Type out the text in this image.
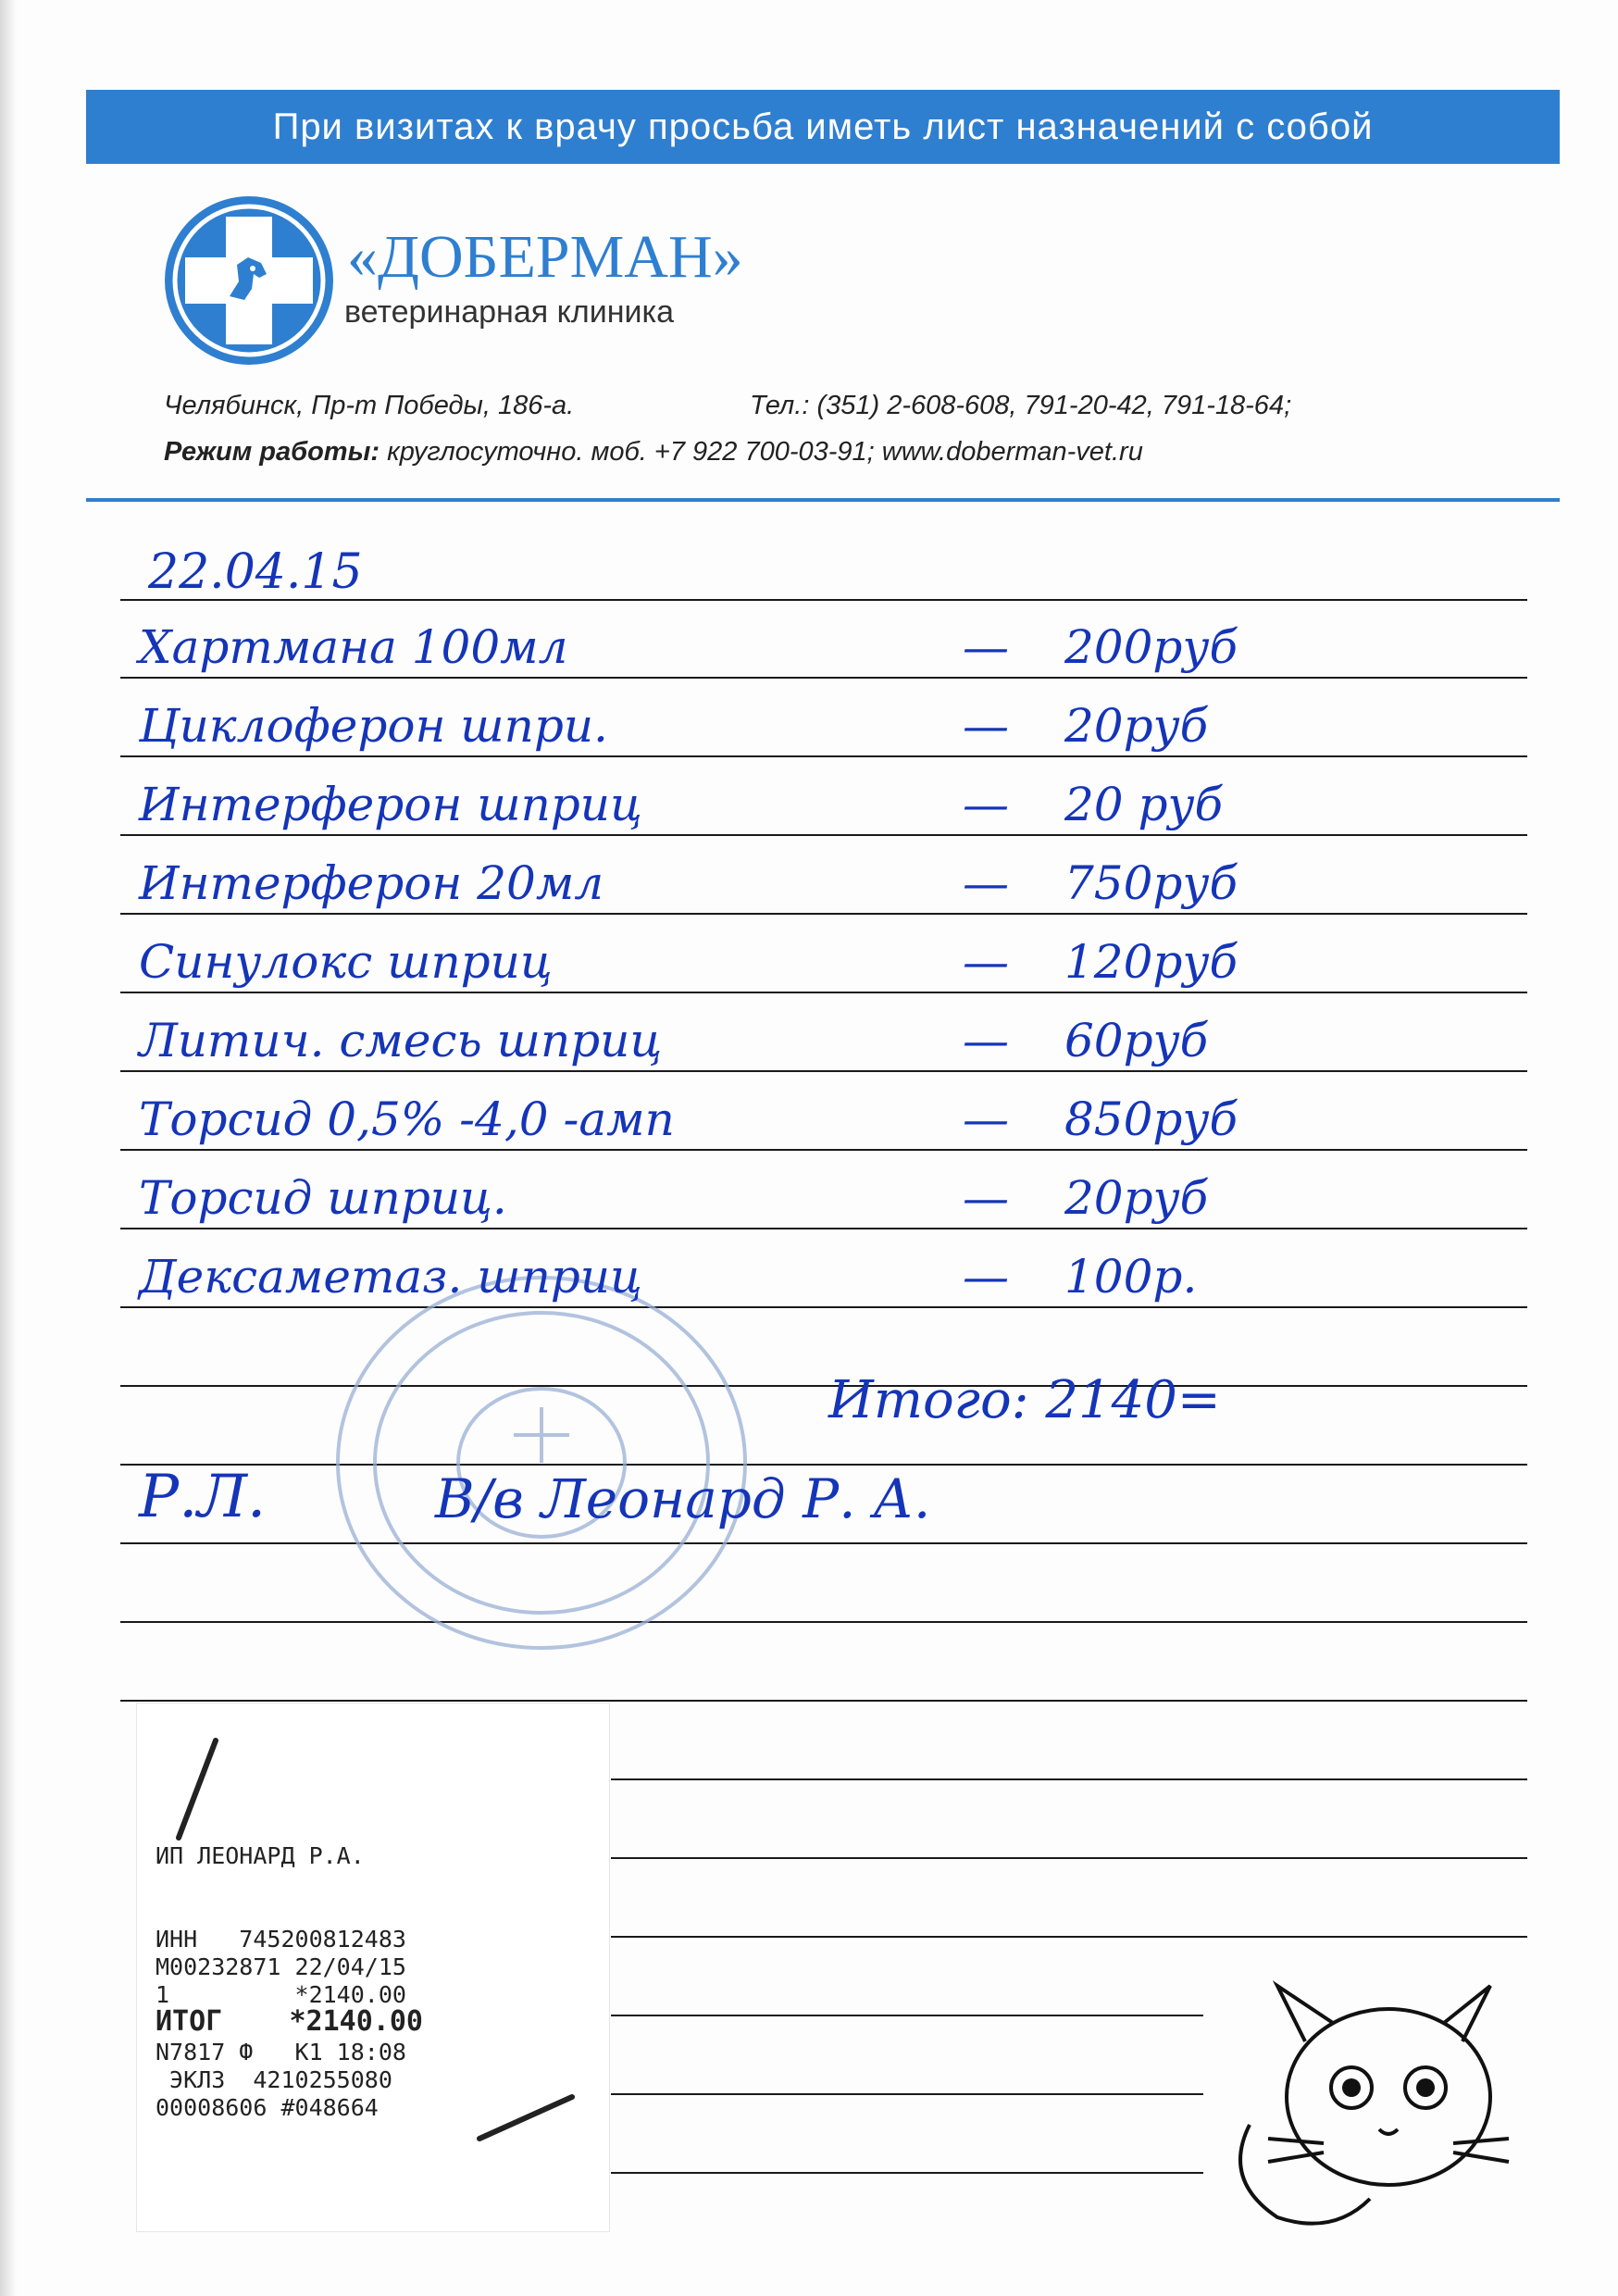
При визитах к врачу просьба иметь лист назначений с собой
«ДОБЕРМАН»
ветеринарная клиника
Челябинск, Пр-т Победы, 186-а.	Тел.: (351) 2-608-608, 791-20-42, 791-18-64;
Режим работы: круглосуточно. моб. +7 922 700-03-91; www.doberman-vet.ru
22.04.15
Хартмана 100мл	— 200руб
Циклоферон шпри.	— 20руб
Интерферон шприц	— 20 руб
Интерферон 20мл	— 750руб
Синулокс шприц	— 120руб
Литич. смесь шприц	— 60руб
Торсид 0,5% -4,0 -амп	— 850руб
Торсид шприц.	— 20руб
Дексаметаз. шприц	— 100р.
Итого: 2140=
Р.Л.	В/в Леонард Р. А.
ИП ЛЕОНАРД Р.А.
ИНН   745200812483
М00232871 22/04/15
1         *2140.00
ИТОГ    *2140.00
N7817 Ф   K1 18:08
ЭКЛЗ  4210255080
00008606 #048664
